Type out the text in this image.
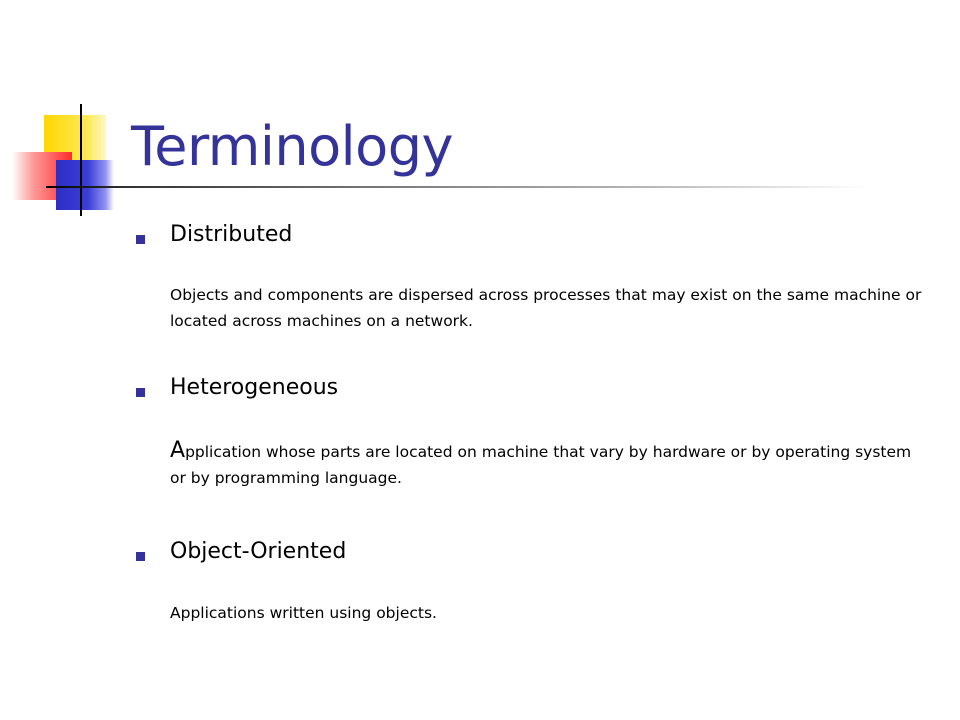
Terminology
Distributed

Objects and components are dispersed across processes that may exist on the same machine or located across machines on a network.

Heterogeneous

Application whose parts are located on machine that vary by hardware or by operating system or by programming language.

Object-Oriented

Applications written using objects.
